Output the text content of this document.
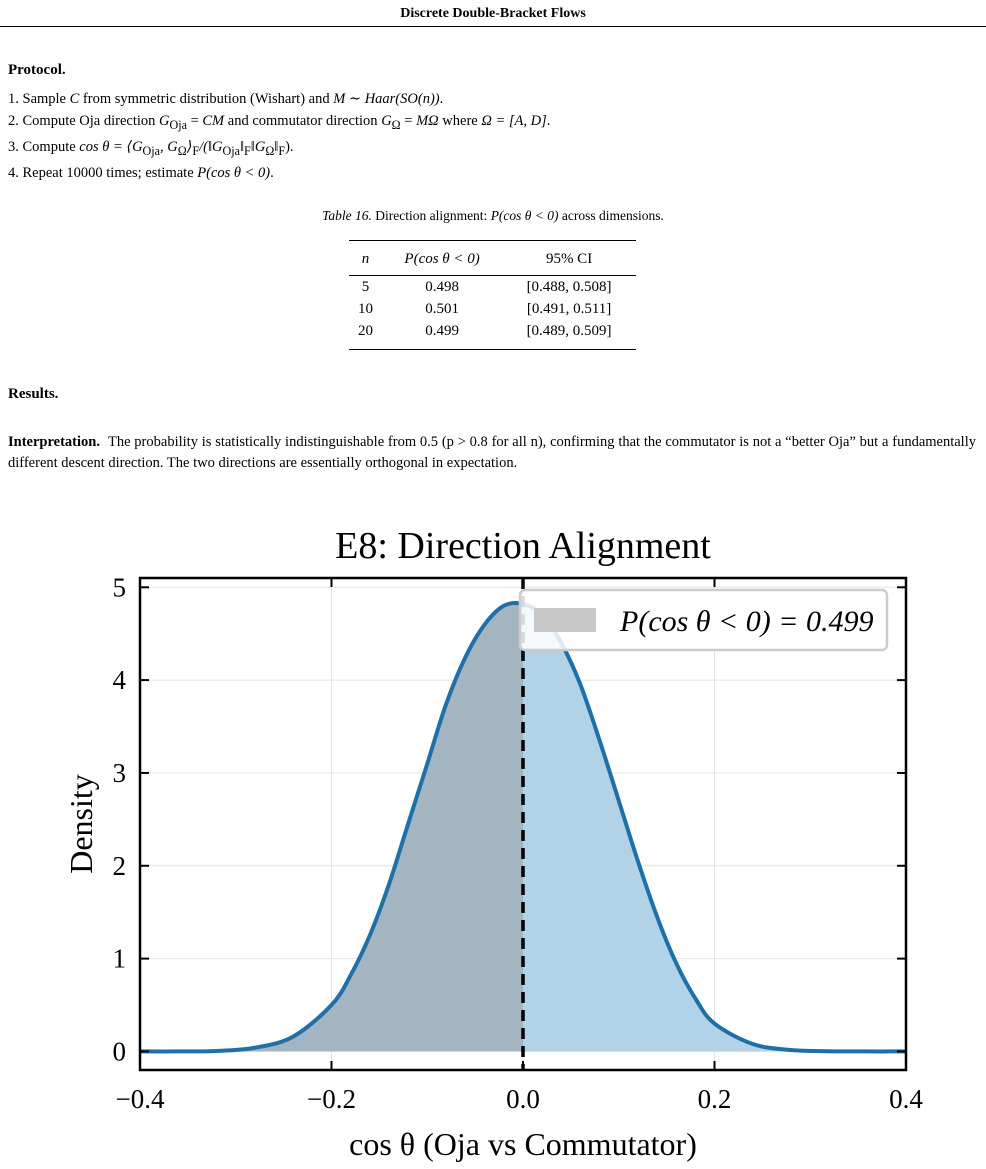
Discrete Double-Bracket Flows
Protocol.
1. Sample C from symmetric distribution (Wishart) and M ∼ Haar(SO(n)).
2. Compute Oja direction $G_{Oja}$ = CM and commutator direction $G_\Omega = M\Omega$ where Ω = [A, D].
3. Compute $\cos \theta = ⟨G_{Oja}$, $G_\Omega⟩_F/(‖G_{Oja}‖_F‖G_\Omega‖_F)$.
4. Repeat 10000 times; estimate P(cos θ < 0).
Table 16. Direction alignment: P(cos θ < 0) across dimensions.
n	P(cos θ < 0)	95% CI
5	0.498	[0.488, 0.508]
10	0.501	[0.491, 0.511]
20	0.499	[0.489, 0.509]
Results.
Interpretation. The probability is statistically indistinguishable from 0.5 (p > 0.8 for all n), confirming that the commutator is not a “better Oja” but a fundamentally different descent direction. The two directions are essentially orthogonal in expectation.
−0.4	−0.2	0.0	0.2	0.4
0
1
2
3
4
5
E8: Direction Alignment
cos θ (Oja vs Commutator)
Density
P(cos θ < 0) = 0.499
